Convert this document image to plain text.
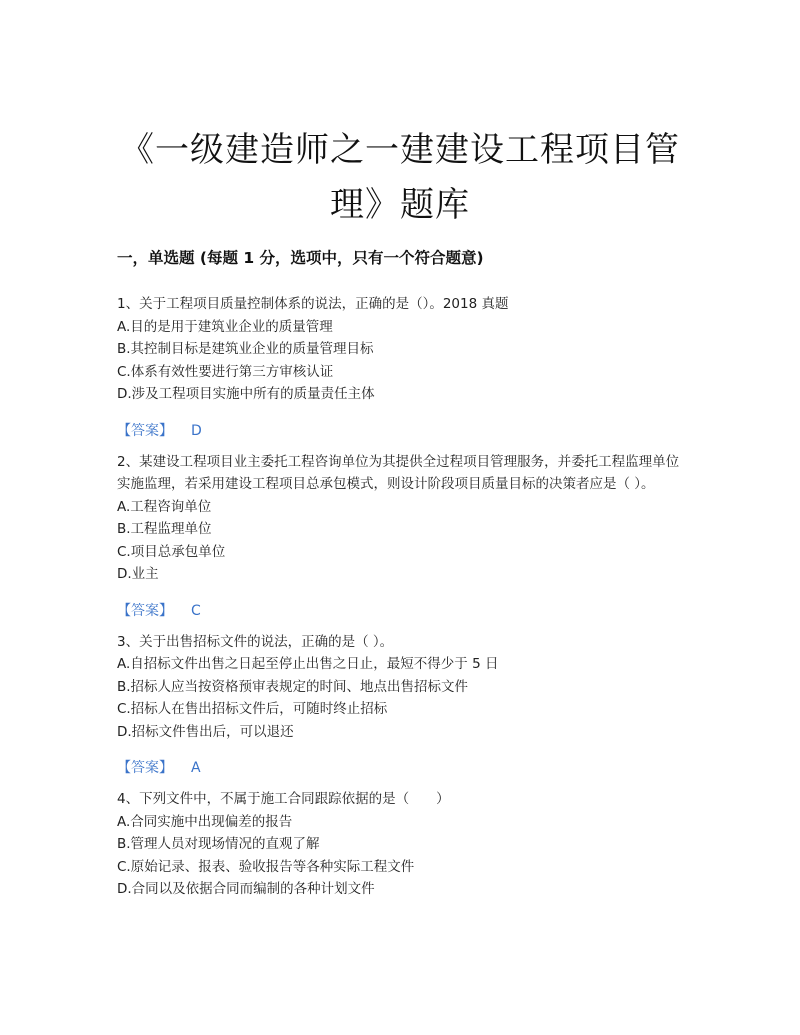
《一级建造师之一建建设工程项目管
理》题库
一，单选题 (每题 1 分，选项中，只有一个符合题意)

1、关于工程项目质量控制体系的说法，正确的是（）。2018 真题

A.目的是用于建筑业企业的质量管理
B.其控制目标是建筑业企业的质量管理目标
C.体系有效性要进行第三方审核认证
D.涉及工程项目实施中所有的质量责任主体
【答案】 D

2、某建设工程项目业主委托工程咨询单位为其提供全过程项目管理服务，并委托工程监理单位实施监理，若采用建设工程项目总承包模式，则设计阶段项目质量目标的决策者应是（ ）。

A.工程咨询单位
B.工程监理单位
C.项目总承包单位
D.业主
【答案】 C

3、关于出售招标文件的说法，正确的是（ ）。

A.自招标文件出售之日起至停止出售之日止，最短不得少于 5 日
B.招标人应当按资格预审表规定的时间、地点出售招标文件
C.招标人在售出招标文件后，可随时终止招标
D.招标文件售出后，可以退还
【答案】 A

4、下列文件中，不属于施工合同跟踪依据的是（　　）

A.合同实施中出现偏差的报告
B.管理人员对现场情况的直观了解
C.原始记录、报表、验收报告等各种实际工程文件
D.合同以及依据合同而编制的各种计划文件
